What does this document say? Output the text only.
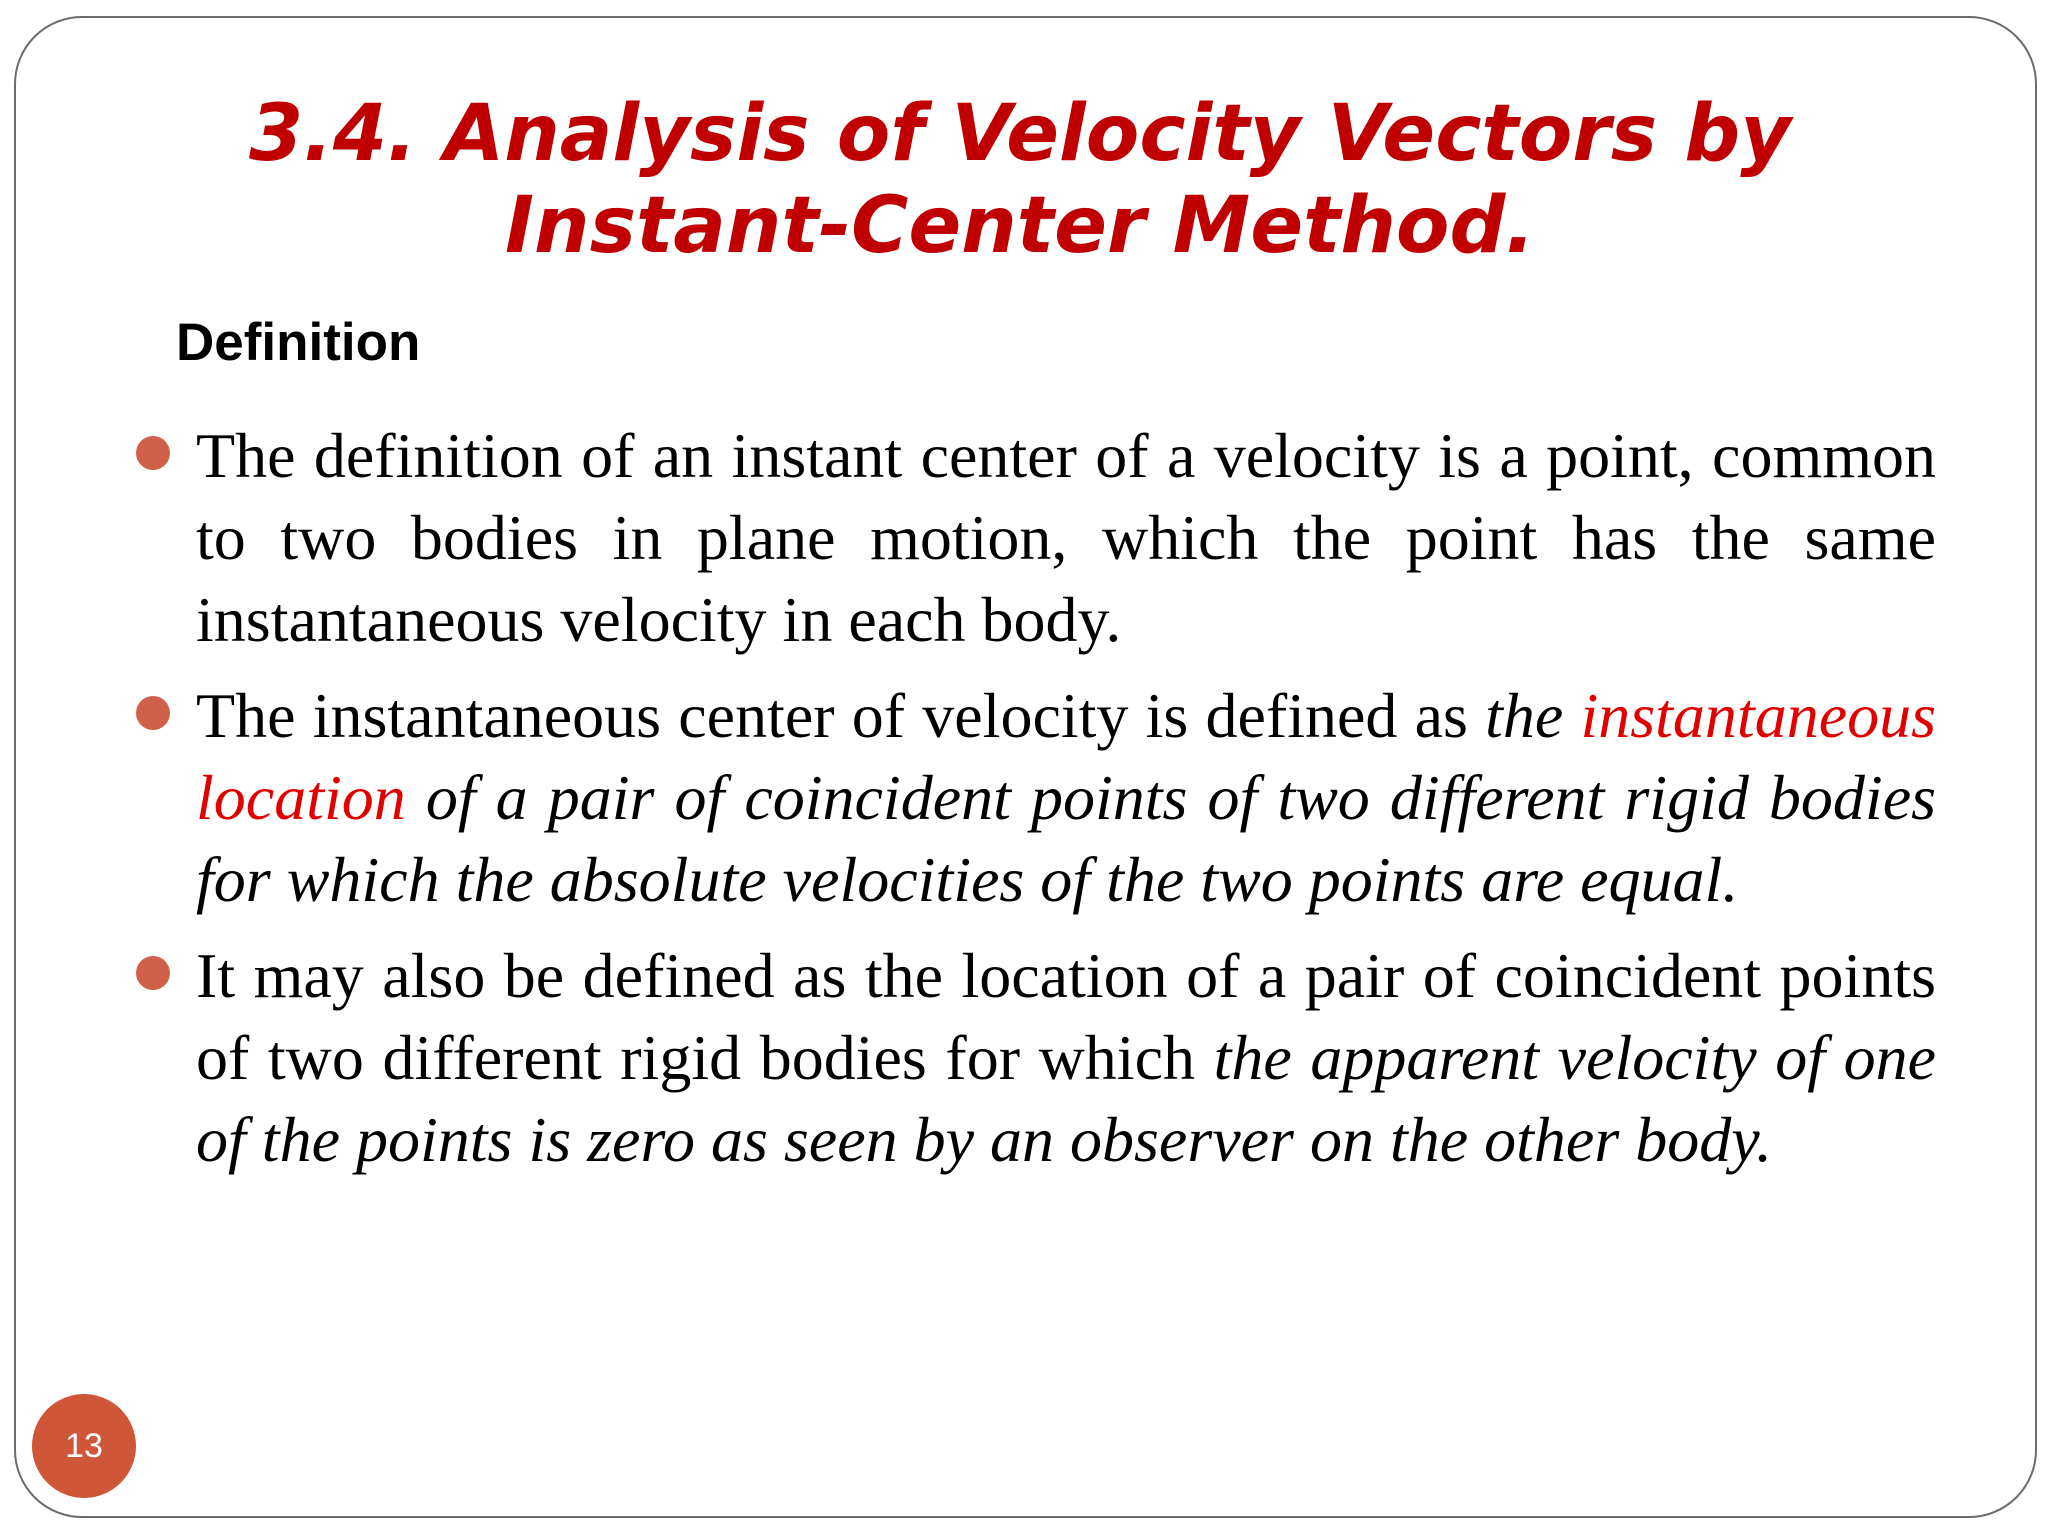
3.4. Analysis of Velocity Vectors by
Instant-Center Method.
Definition

The definition of an instant center of a velocity is a point, common to two bodies in plane motion, which the point has the same instantaneous velocity in each body.

The instantaneous center of velocity is defined as the instantaneous location of a pair of coincident points of two different rigid bodies for which the absolute velocities of the two points are equal.

It may also be defined as the location of a pair of coincident points of two different rigid bodies for which the apparent velocity of one of the points is zero as seen by an observer on the other body.

13
